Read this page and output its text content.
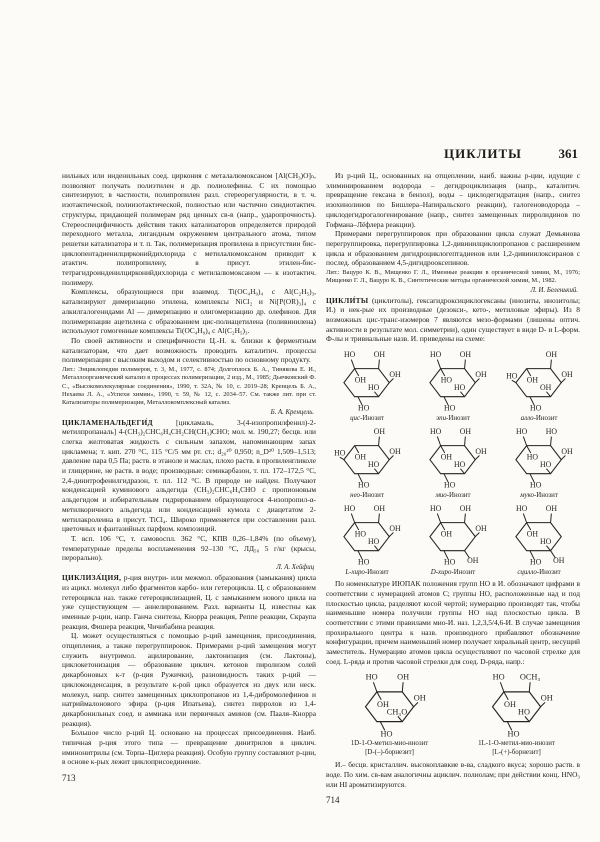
нильных или инденильных соед. циркония с металалюмоксаном [Al(CH₃)O]ₙ, позволяют получать полиэтилен и др. полиолефины. С их помощью синтезируют, в частности, полипропилен разл. стереорегулярности, в т. ч. изотактической, полиизотактической, полностью или частично синдиотактич. структуры, придающей полимерам ряд ценных св-в (напр., ударопрочность). Стереоспецифичность действия таких катализаторов определяется природой переходного металла, лигандным окружением центрального атома, типом решетки катализатора и т. п. Так, полимеризация пропилена в присутствии бис-циклопентадиенилцирконийдихлорида с метилалюмоксаном приводит к атактич. полипропилену, в присут. этилен-бис-тетрагидроинденилцирконийдихлорида с метилалюмоксаном — к изотактич. полимеру.

Комплексы, образующиеся при взаимод. Ti(OC₄H₉)₄ с Al(C₂H₅)₃, катализируют димеризацию этилена, комплексы NiCl₂ и Ni[P(OR)₃]₄ с алкилгалогенидами Al — димеризацию и олигомеризацию др. олефинов. Для полимеризации ацетилена с образованием цис-полиацетилена (поливинилена) используют гомогенные комплексы Ti(OC₄H₉)₄ с Al(C₂H₅)₃.

По своей активности и специфичности Ц.-Н. к. близки к ферментным катализаторам, что дает возможность проводить каталитич. процессы полимеризации с высоким выходом и селективностью по основному продукту.

Лит.: Энциклопедия полимеров, т. 3, М., 1977, с. 874; Долгоплоск Б. А., Тинякова Е. И., Металлоорганический катализ в процессах полимеризации, 2 изд., М., 1985; Дьячковский Ф. С., «Высокомолекулярные соединения», 1990, т. 32А, № 10, с. 2019–28; Кренцель Б. А., Нехаева Л. А., «Успехи химии», 1990, т. 59, № 12, с. 2034–57. См. также лит. при ст. Катализаторы полимеризации, Металлокомплексный катализ.

Б. А. Кренцель.

ЦИКЛАМЕНАЛЬДЕГИ́Д [цикламаль, 3-(4-изопропилфенил)-2-метилпропаналь] 4-(CH₃)₂CHC₆H₄CH₂CH(CH₃)CHO; мол. м. 190,27; бесцв. или слегка желтоватая жидкость с сильным запахом, напоминающим запах цикламена; т. кип. 270 °C, 115 °C/5 мм рт. ст.; d₂₀²⁰ 0,950; n_D²⁰ 1,509–1,513; давление пара 0,5 Па; раств. в этаноле и маслах, плохо раств. в пропиленгликоле и глицерине, не раств. в воде; производные: семикарбазон, т. пл. 172–172,5 °C, 2,4-динитрофенилгидразон, т. пл. 112 °C. В природе не найден. Получают конденсацией куминового альдегида (CH₃)₂CHC₆H₄CHO с пропионовым альдегидом и избирательным гидрированием образующегося 4-изопропил-α-метилкоричного альдегида или конденсацией кумола с диацетатом 2-метилакролеина в присут. TiCl₄. Широко применяется при составлении разл. цветочных и фантазийных парфюм. композиций.

Т. всп. 106 °C, т. самовоспл. 362 °C, КПВ 0,26–1,84% (по объему), температурные пределы воспламенения 92–130 °C, ЛД₅₀ 5 г/кг (крысы, перорально).

Л. А. Хейфиц

ЦИКЛИЗА́ЦИЯ, р-ция внутри- или межмол. образования (замыкания) цикла из ацикл. молекул либо фрагментов карбо- или гетероцикла. Ц. с образованием гетероцикла наз. также гетероциклизацией, Ц. с замыканием нового цикла на уже существующем — аннелированием. Разл. варианты Ц. известны как именные р-ции, напр. Ганча синтезы, Кнорра реакция, Реппе реакции, Скраупа реакция, Фишера реакция, Чичибабина реакция.

Ц. может осуществляться с помощью р-ций замещения, присоединения, отщепления, а также перегруппировок. Примерами р-ций замещения могут служить внутримол. ацилирование, лактонизация (см. Лактоны), циклокетонизация — образование циклич. кетонов пиролизом солей дикарбоновых к-т (р-ция Ружички), разновидность таких р-ций — циклоконденсация, в результате к-рой цикл образуется из двух или неск. молекул, напр. синтез замещенных циклопропанов из 1,4-дибромолефинов и натриймалонового эфира (р-ция Ипатьева), синтез пирролов из 1,4-дикарбонильных соед. и аммиака или первичных аминов (см. Пааля–Кнорра реакция).

Большое число р-ций Ц. основано на процессах присоединения. Наиб. типичная р-ция этого типа — превращение динитрилов в циклич. иминонитрилы (см. Торпа–Циглера реакция). Особую группу составляют р-ции, в основе к-рых лежит циклоприсоединение.

713
ЦИКЛИТЫ	361

Из р-ций Ц., основанных на отщеплении, наиб. важны р-ции, идущие с элиминированием водорода – дегидроциклизация (напр., каталитич. превращение гексана в бензол), воды – циклодегидратация (напр., синтез изохинолинов по Бишлера–Напиральского реакции), галогеноводорода – циклодегидрогалогенирование (напр., синтез замещенных пирролидинов по Гофмана–Лёфлера реакции).

Примерами перегруппировок при образовании цикла служат Демьянова перегруппировка, перегруппировка 1,2-дивинилциклопропанов с расширением цикла и образованием дигидроциклогептадиенов или 1,2-дивинилоксиранов с послед. образованием 4,5-дигидрооксепинов.

Лит.: Вацуро К. В., Мищенко Г. Л., Именные реакции в органической химии, М., 1976; Мищенко Г. Л., Вацуро К. В., Синтетические методы органической химии, М., 1982.

Л. И. Беленький.

ЦИКЛИ́ТЫ (циклитолы), гексагидроксициклогексаны (инозиты, инозитолы; И.) и нек-рые их производные (дезокси-, кето-, метиловые эфиры). Из 8 возможных цис-транс-изомеров 7 являются мезо-формами (лишены оптич. активности в результате мол. симметрии), один существует в виде D- и L-форм. Ф-лы и тривиальные назв. И. приведены на схеме:

HO OH
OH
OH
HO
HO
цис-Инозит
HO OH
OH
HO
HO
HO
эпи-Инозит
OH
OH
OH
OH
HO
HO
алло-Инозит
OH
OH
OH
HO
HO
HO
нео-Инозит
HO OH
OH
OH
HO
HO
мио-Инозит
HO HO
OH
HO
HO
HO
муко-Инозит
HO OH
OH
HO
HO
HO
L-хиро-Инозит
HO OH
OH
OH
HO OH
D-хиро-Инозит
HO OH
OH
HO
OH
HO
сцилло-Инозит

По номенклатуре ИЮПАК положения групп НО в И. обозначают цифрами в соответствии с нумерацией атомов С; группы НО, расположенные над и под плоскостью цикла, разделяют косой чертой; нумерацию производят так, чтобы наименьшие номера получили группы НО над плоскостью цикла. В соответствии с этими правилами мио-И. наз. 1,2,3,5/4,6-И. В случае замещения прохирального центра к назв. производного прибавляют обозначение конфигурации, причем наименьший номер получает хиральный центр, несущий заместитель. Нумерацию атомов цикла осуществляют по часовой стрелке для соед. L-ряда и против часовой стрелки для соед. D-ряда, напр.:

HO OH
OH
OH
CH₃O
HO
1D-1-O-метил-мио-инозит
[D-(–)-борнезит]
HO OCH₃
OH
OH
HO
HO
1L-1-O-метил-мио-инозит
[L-(+)-борнезит]

И.– бесцв. кристаллич. высокоплавкие в-ва, сладкого вкуса; хорошо раств. в воде. По хим. св-вам аналогичны ациклич. полиолам; при действии конц. HNO₃ или HI ароматизируются.

714
